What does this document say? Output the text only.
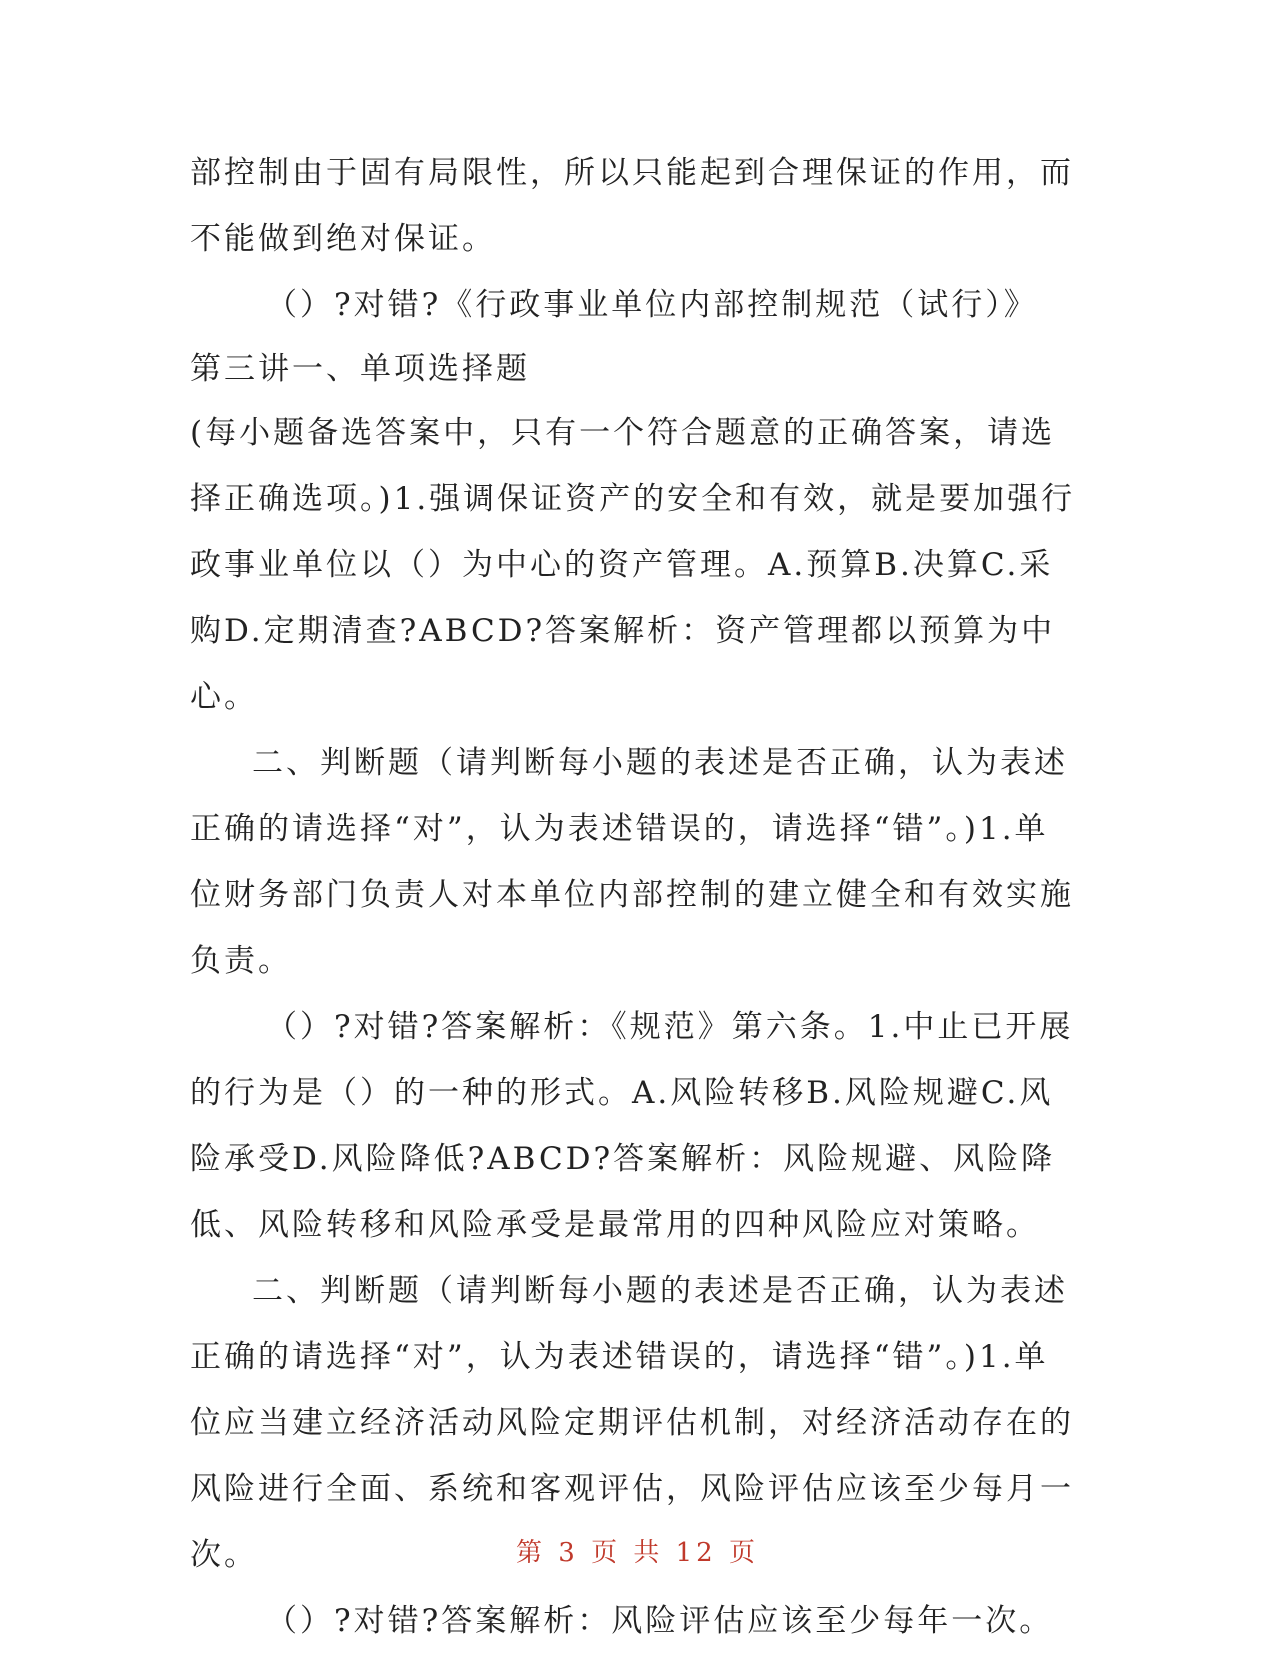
部控制由于固有局限性，所以只能起到合理保证的作用，而不能做到绝对保证。

（）?对错?《行政事业单位内部控制规范（试行）》

第三讲一、单项选择题

(每小题备选答案中，只有一个符合题意的正确答案，请选择正确选项。)1.强调保证资产的安全和有效，就是要加强行政事业单位以（）为中心的资产管理。A.预算B.决算C.采购D.定期清查?ABCD?答案解析：资产管理都以预算为中心。

二、判断题（请判断每小题的表述是否正确，认为表述正确的请选择“对”，认为表述错误的，请选择“错”。)1.单位财务部门负责人对本单位内部控制的建立健全和有效实施负责。

（）?对错?答案解析：《规范》第六条。1.中止已开展的行为是（）的一种的形式。A.风险转移B.风险规避C.风险承受D.风险降低?ABCD?答案解析：风险规避、风险降低、风险转移和风险承受是最常用的四种风险应对策略。

二、判断题（请判断每小题的表述是否正确，认为表述正确的请选择“对”，认为表述错误的，请选择“错”。)1.单位应当建立经济活动风险定期评估机制，对经济活动存在的风险进行全面、系统和客观评估，风险评估应该至少每月一次。

（）?对错?答案解析：风险评估应该至少每年一次。

第 3 页 共 12 页
